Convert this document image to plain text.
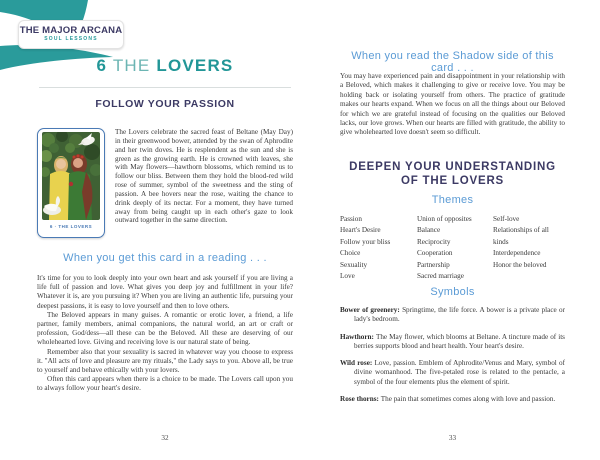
THE MAJOR ARCANA
SOUL LESSONS
6 THE LOVERS
FOLLOW YOUR PASSION
6 · THE LOVERS
The Lovers celebrate the sacred feast of Beltane (May Day) in their greenwood bower, attended by the swan of Aphrodite and her twin doves. He is resplendent as the sun and she is green as the growing earth. He is crowned with leaves, she with May flowers—hawthorn blossoms, which remind us to follow our bliss. Between them they hold the blood-red wild rose of summer, symbol of the sweetness and the sting of passion. A bee hovers near the rose, waiting the chance to drink deeply of its nectar. For a moment, they have turned away from being caught up in each other's gaze to look outward together in the same direction.
When you get this card in a reading . . .

It's time for you to look deeply into your own heart and ask yourself if you are living a life full of passion and love. What gives you deep joy and fulfillment in your life? Whatever it is, are you pursuing it? When you are living an authentic life, pursuing your deepest passions, it is easy to love yourself and then to love others.

The Beloved appears in many guises. A romantic or erotic lover, a friend, a life partner, family members, animal companions, the natural world, an art or craft or profession, God/dess—all these can be the Beloved. All these are deserving of our wholehearted love. Giving and receiving love is our natural state of being.

Remember also that your sexuality is sacred in whatever way you choose to express it. "All acts of love and pleasure are my rituals," the Lady says to you. Above all, be true to yourself and behave ethically with your lovers.

Often this card appears when there is a choice to be made. The Lovers call upon you to always follow your heart's desire.

32
When you read the Shadow side of this card . . .
You may have experienced pain and disappointment in your relationship with a Beloved, which makes it challenging to give or receive love. You may be holding back or isolating yourself from others. The practice of gratitude makes our hearts expand. When we focus on all the things about our Beloved for which we are grateful instead of focusing on the qualities our Beloved lacks, our love grows. When our hearts are filled with gratitude, the ability to give wholehearted love doesn't seem so difficult.
DEEPEN YOUR UNDERSTANDING
OF THE LOVERS
Themes
Passion
Heart's Desire
Follow your bliss
Choice
Sexuality
Love
Union of opposites
Balance
Reciprocity
Cooperation
Partnership
Sacred marriage
Self-love
Relationships of all kinds
Interdependence
Honor the beloved
Symbols
Bower of greenery: Springtime, the life force. A bower is a private place or lady's bedroom.
Hawthorn: The May flower, which blooms at Beltane. A tincture made of its berries supports blood and heart health. Your heart's desire.
Wild rose: Love, passion. Emblem of Aphrodite/Venus and Mary, symbol of divine womanhood. The five-petaled rose is related to the pentacle, a symbol of the four elements plus the element of spirit.
Rose thorns: The pain that sometimes comes along with love and passion.
33
